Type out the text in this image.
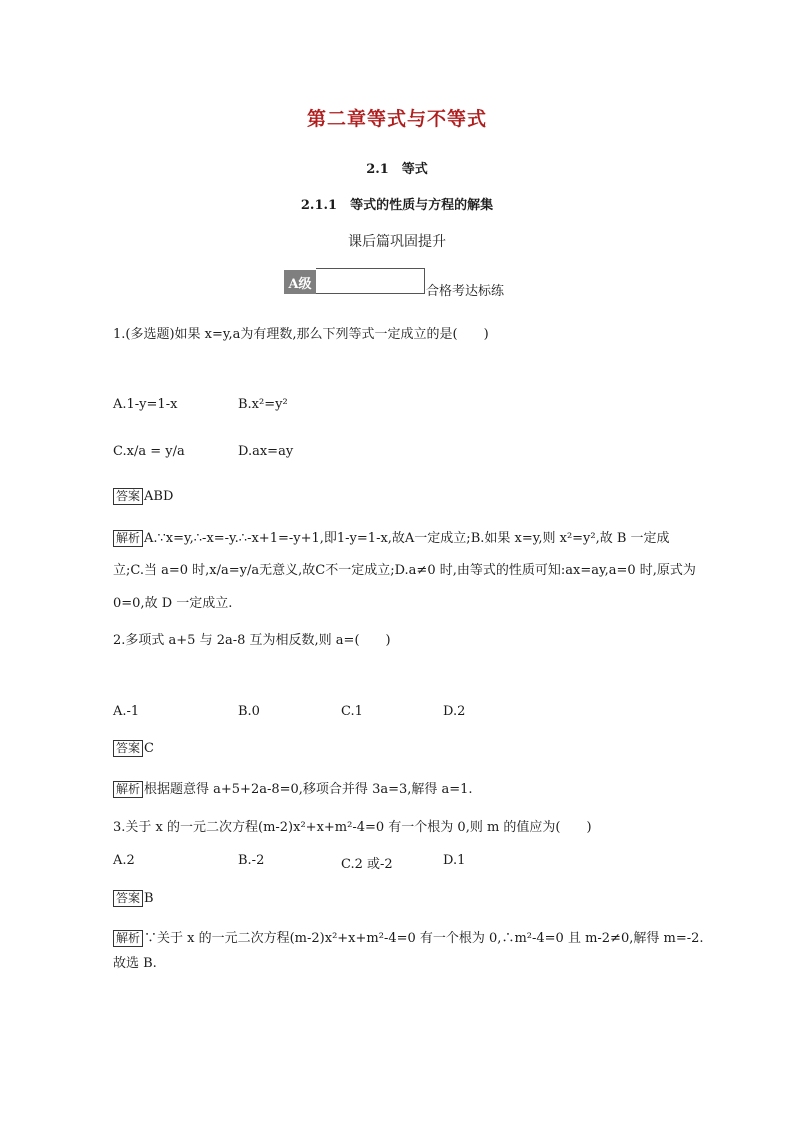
第二章等式与不等式
2.1　等式
2.1.1　等式的性质与方程的解集
课后篇巩固提升
A级	合格考达标练
1.(多选题)如果 x=y,a为有理数,那么下列等式一定成立的是(　　)
A.1-y=1-x	B.x²=y²
C.x/a = y/a	D.ax=ay
答案 ABD
解析 A.∵x=y,∴-x=-y.∴-x+1=-y+1,即1-y=1-x,故A一定成立;B.如果 x=y,则 x²=y²,故 B 一定成
立;C.当 a=0 时,x/a=y/a无意义,故C不一定成立;D.a≠0 时,由等式的性质可知:ax=ay,a=0 时,原式为
0=0,故 D 一定成立.
2.多项式 a+5 与 2a-8 互为相反数,则 a=(　　)
A.-1	B.0	C.1	D.2
答案 C
解析 根据题意得 a+5+2a-8=0,移项合并得 3a=3,解得 a=1.
3.关于 x 的一元二次方程(m-2)x²+x+m²-4=0 有一个根为 0,则 m 的值应为(　　)
A.2	B.-2	C.2 或-2	D.1
答案 B
解析 ∵关于 x 的一元二次方程(m-2)x²+x+m²-4=0 有一个根为 0,∴m²-4=0 且 m-2≠0,解得 m=-2.
故选 B.
